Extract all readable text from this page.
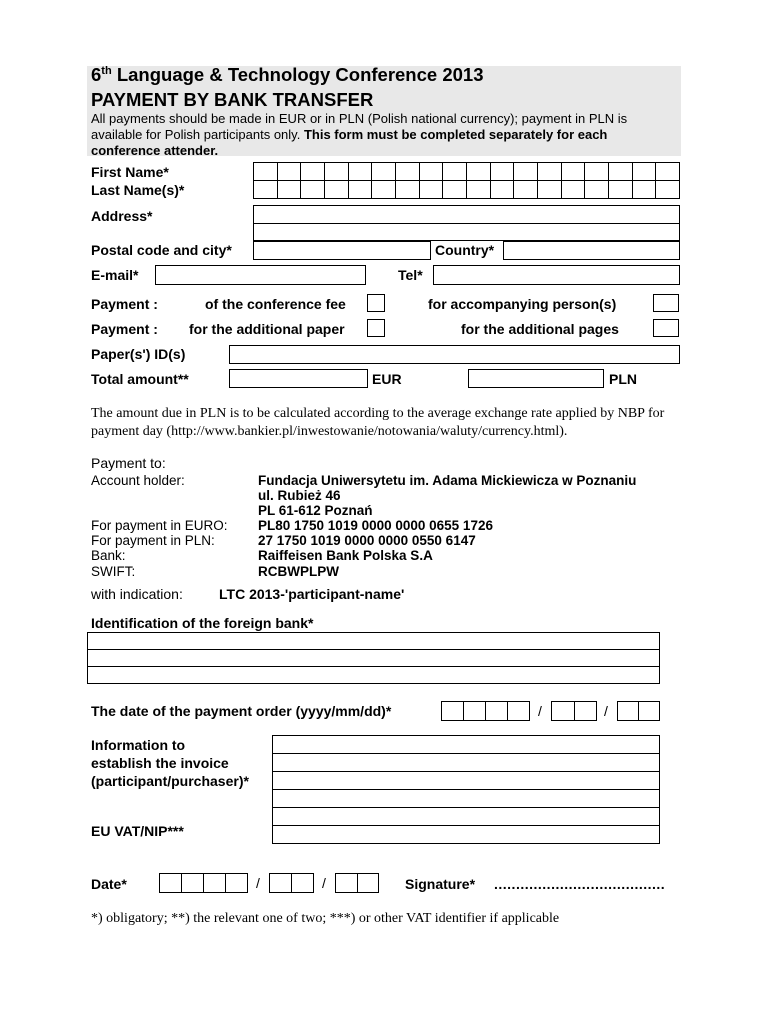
6th Language & Technology Conference 2013
PAYMENT BY BANK TRANSFER
All payments should be made in EUR or in PLN (Polish national currency); payment in PLN is available for Polish participants only. This form must be completed separately for each conference attender.
First Name*
Last Name(s)*

Address*
Postal code and city*	Country*
E-mail*	Tel*
Payment :	of the conference fee	for accompanying person(s)
Payment : for the additional paper	for the additional pages
Paper(s') ID(s)
Total amount**	EUR	PLN
The amount due in PLN is to be calculated according to the average exchange rate applied by NBP for payment day (http://www.bankier.pl/inwestowanie/notowania/waluty/currency.html).
Payment to:
Account holder:	Fundacja Uniwersytetu im. Adama Mickiewicza w Poznaniu
ul. Rubież 46
PL 61-612 Poznań
For payment in EURO: PL80 1750 1019 0000 0000 0655 1726
For payment in PLN:	27 1750 1019 0000 0000 0550 6147
Bank:	Raiffeisen Bank Polska S.A
SWIFT:	RCBWPLPW
with indication:	LTC 2013-'participant-name'
Identification of the foreign bank*
The date of the payment order (yyyy/mm/dd)*	/	/
Information to
establish the invoice
(participant/purchaser)*
EU VAT/NIP***
Date*	/	/	Signature* .......................................
*) obligatory; **) the relevant one of two; ***) or other VAT identifier if applicable
